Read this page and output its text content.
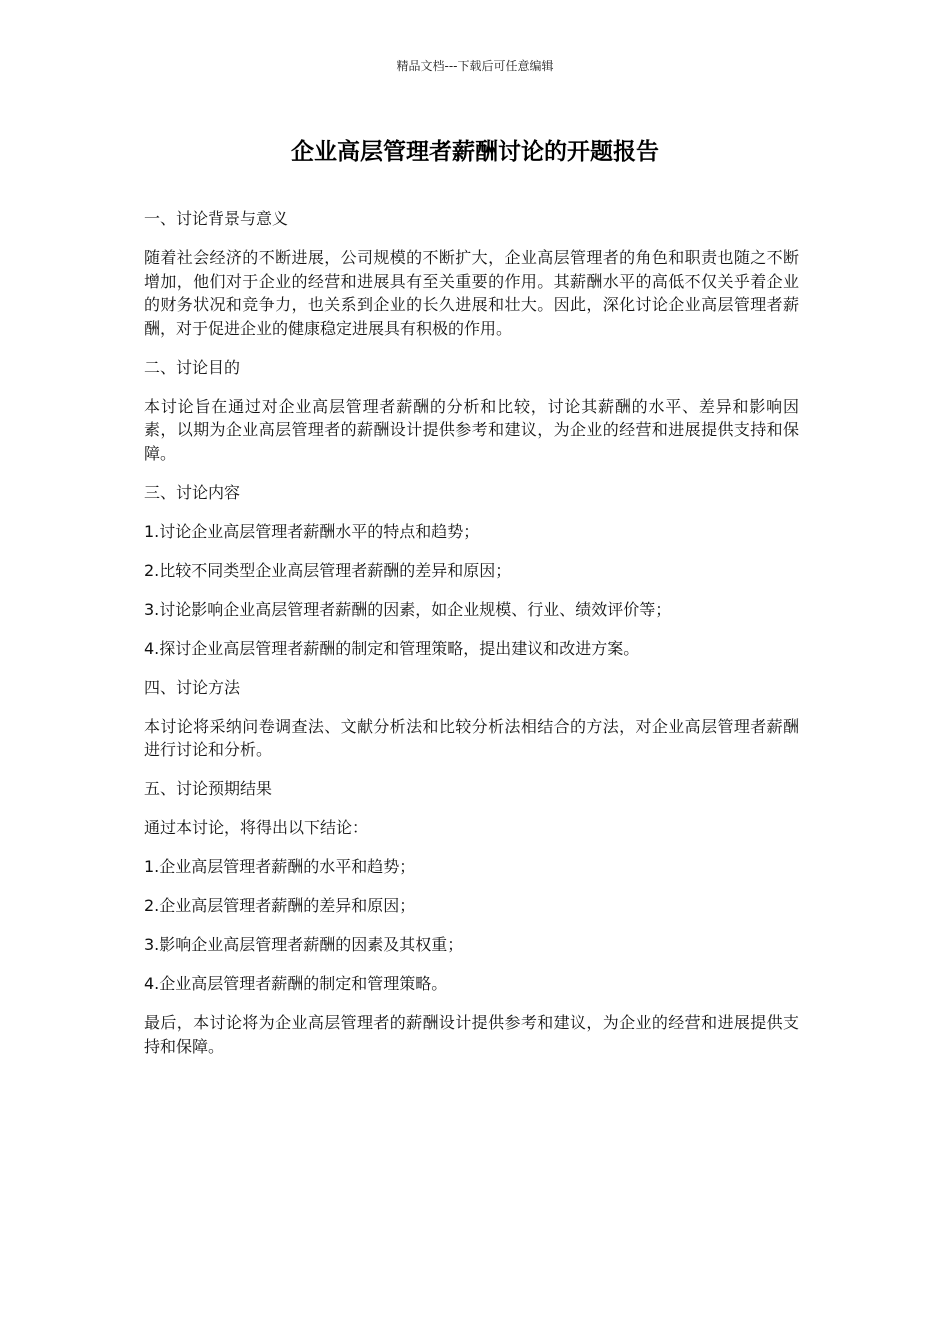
精品文档---下载后可任意编辑
企业高层管理者薪酬讨论的开题报告

一、讨论背景与意义

随着社会经济的不断进展，公司规模的不断扩大，企业高层管理者的角色和职责也随之不断增加，他们对于企业的经营和进展具有至关重要的作用。其薪酬水平的高低不仅关乎着企业的财务状况和竞争力，也关系到企业的长久进展和壮大。因此，深化讨论企业高层管理者薪酬，对于促进企业的健康稳定进展具有积极的作用。

二、讨论目的

本讨论旨在通过对企业高层管理者薪酬的分析和比较，讨论其薪酬的水平、差异和影响因素，以期为企业高层管理者的薪酬设计提供参考和建议，为企业的经营和进展提供支持和保障。

三、讨论内容

1.讨论企业高层管理者薪酬水平的特点和趋势；

2.比较不同类型企业高层管理者薪酬的差异和原因；

3.讨论影响企业高层管理者薪酬的因素，如企业规模、行业、绩效评价等；

4.探讨企业高层管理者薪酬的制定和管理策略，提出建议和改进方案。

四、讨论方法

本讨论将采纳问卷调查法、文献分析法和比较分析法相结合的方法，对企业高层管理者薪酬进行讨论和分析。

五、讨论预期结果

通过本讨论，将得出以下结论：

1.企业高层管理者薪酬的水平和趋势；

2.企业高层管理者薪酬的差异和原因；

3.影响企业高层管理者薪酬的因素及其权重；

4.企业高层管理者薪酬的制定和管理策略。

最后，本讨论将为企业高层管理者的薪酬设计提供参考和建议，为企业的经营和进展提供支持和保障。
